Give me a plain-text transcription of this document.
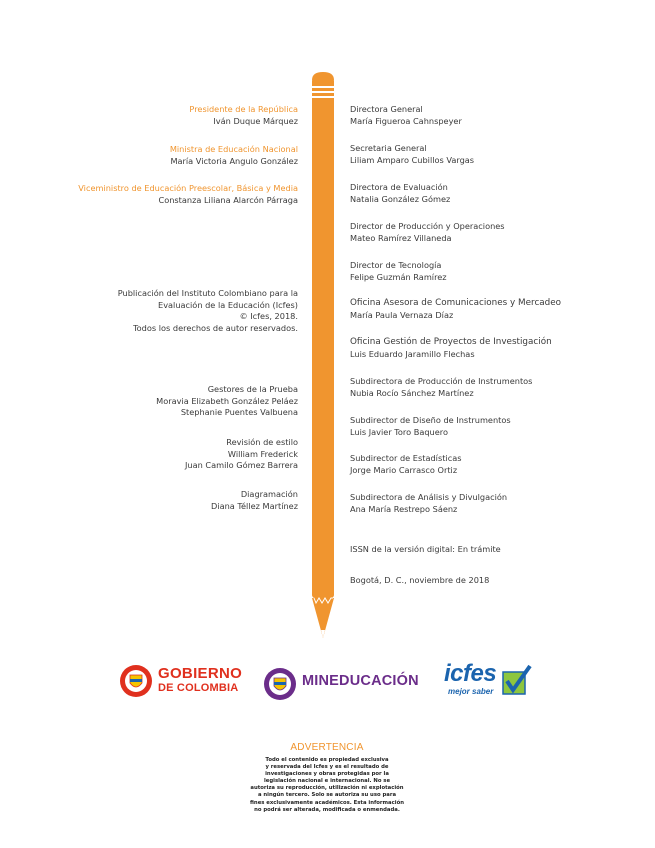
Presidente de la República
Iván Duque Márquez
Ministra de Educación Nacional
María Victoria Angulo González
Viceministro de Educación Preescolar, Básica y Media
Constanza Liliana Alarcón Párraga
Publicación del Instituto Colombiano para la
Evaluación de la Educación (Icfes)
© Icfes, 2018.
Todos los derechos de autor reservados.
Gestores de la Prueba
Moravia Elizabeth González Peláez
Stephanie Puentes Valbuena
Revisión de estilo
William Frederick
Juan Camilo Gómez Barrera
Diagramación
Diana Téllez Martínez
Directora General
María Figueroa Cahnspeyer
Secretaria General
Liliam Amparo Cubillos Vargas
Directora de Evaluación
Natalia González Gómez
Director de Producción y Operaciones
Mateo Ramírez Villaneda
Director de Tecnología
Felipe Guzmán Ramírez
Oficina Asesora de Comunicaciones y Mercadeo
María Paula Vernaza Díaz
Oficina Gestión de Proyectos de Investigación
Luis Eduardo Jaramillo Flechas
Subdirectora de Producción de Instrumentos
Nubia Rocío Sánchez Martínez
Subdirector de Diseño de Instrumentos
Luis Javier Toro Baquero
Subdirector de Estadísticas
Jorge Mario Carrasco Ortiz
Subdirectora de Análisis y Divulgación
Ana María Restrepo Sáenz
ISSN de la versión digital: En trámite
Bogotá, D. C., noviembre de 2018
GOBIERNO
DE COLOMBIA	MINEDUCACIÓN icfes
mejor saber
ADVERTENCIA
Todo el contenido es propiedad exclusiva
y reservada del Icfes y es el resultado de
investigaciones y obras protegidas por la
legislación nacional e internacional. No se
autoriza su reproducción, utilización ni explotación
a ningún tercero. Solo se autoriza su uso para
fines exclusivamente académicos. Esta información
no podrá ser alterada, modificada o enmendada.
